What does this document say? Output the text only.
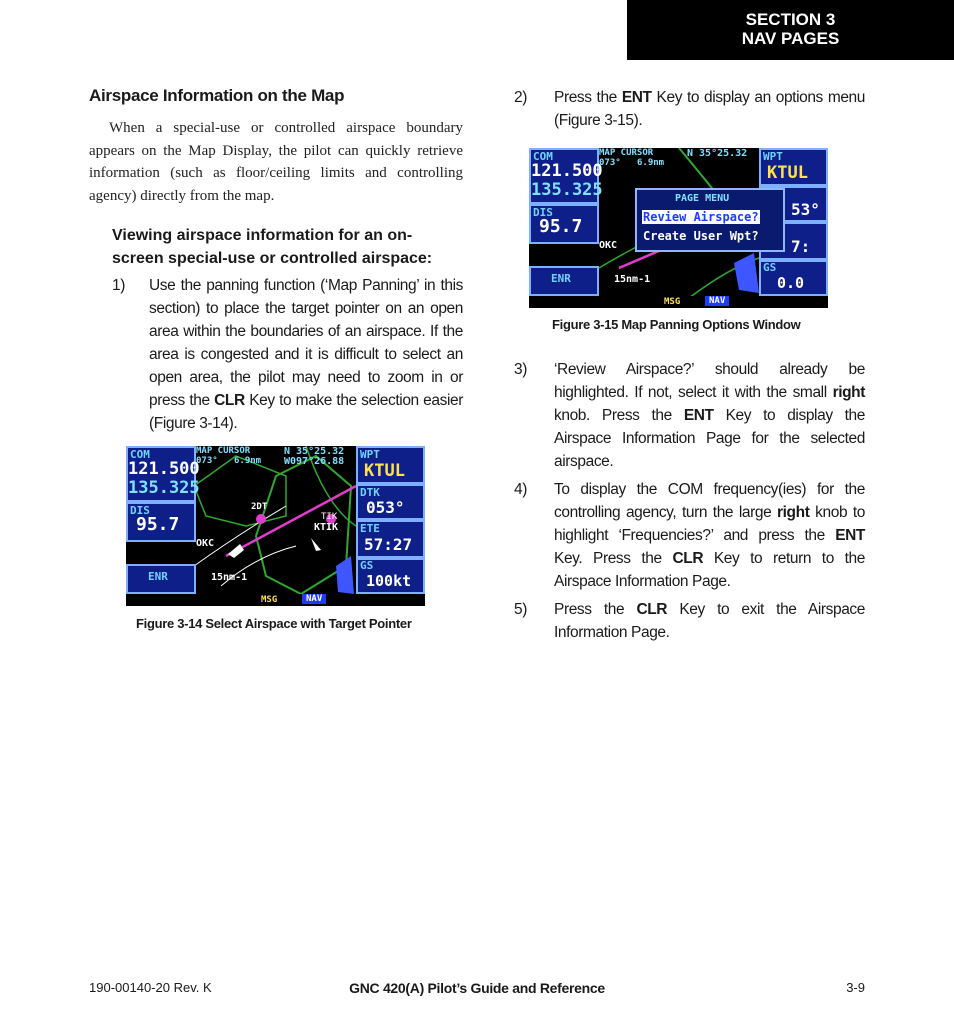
SECTION 3
NAV PAGES
Airspace Information on the Map

When a special-use or controlled airspace boundary appears on the Map Display, the pilot can quickly retrieve information (such as floor/ceiling limits and controlling agency) directly from the map.

Viewing airspace information for an on-screen special-use or controlled airspace:
1)	Use the panning function (‘Map Panning’ in this section) to place the target pointer on an open area within the boundaries of an airspace. If the area is congested and it is difficult to select an open area, the pilot may need to zoom in or press the CLR Key to make the selection easier (Figure 3-14).
COM
121.500
135.325
DIS
95.7
ENR
MAP CURSOR
073° 6.9nm
N 35°25.32
W097°26.88
2DT
TIK
KTIK
OKC
15nm-1
WPT
KTUL
DTK
053°
ETE
57:27
GS
100kt
MSG	NAV
Figure 3-14 Select Airspace with Target Pointer
2)	Press the ENT Key to display an options menu (Figure 3-15).
COM
121.500
135.325
DIS
95.7
ENR
MAP CURSOR
073° 6.9nm
N 35°25.32
OKC
15nm-1
WPT
KTUL
53°
7:
GS
0.0
PAGE MENU
Review Airspace?
Create User Wpt?
MSG	NAV
Figure 3-15 Map Panning Options Window
3)	‘Review Airspace?’ should already be highlighted. If not, select it with the small right knob. Press the ENT Key to display the Airspace Information Page for the selected airspace.
4)	To display the COM frequency(ies) for the controlling agency, turn the large right knob to highlight ‘Frequencies?’ and press the ENT Key. Press the CLR Key to return to the Airspace Information Page.
5)	Press the CLR Key to exit the Airspace Information Page.
190-00140-20 Rev. K	GNC 420(A) Pilot’s Guide and Reference	3-9
